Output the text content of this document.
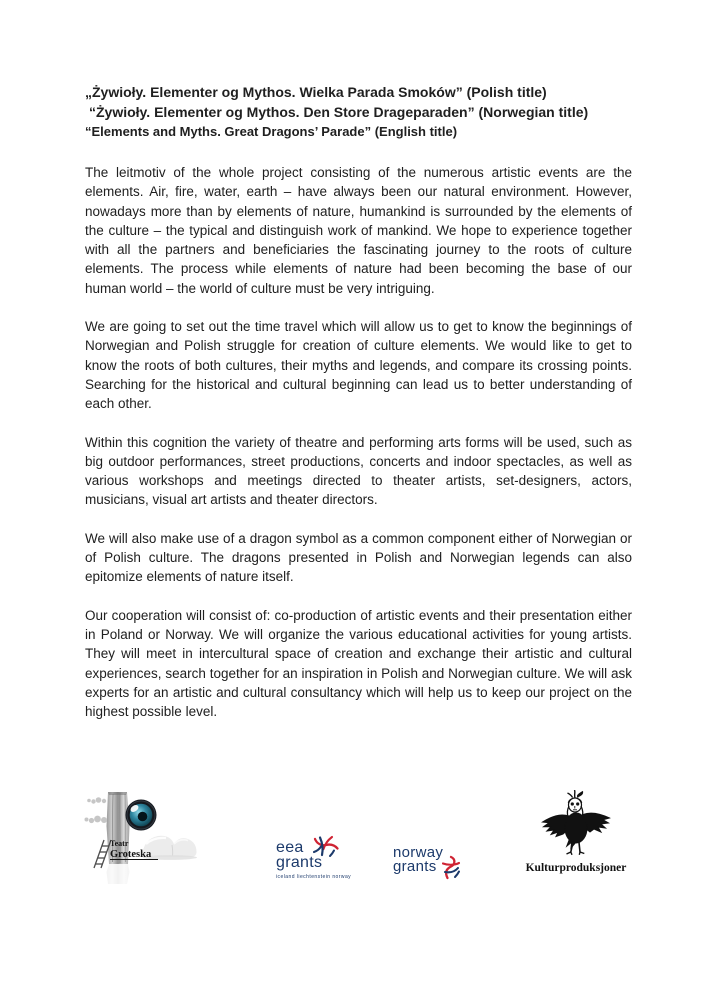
„Żywioły. Elementer og Mythos. Wielka Parada Smoków” (Polish title)
“Żywioły. Elementer og Mythos. Den Store Drageparaden” (Norwegian title)
“Elements and Myths. Great Dragons’ Parade” (English title)

The leitmotiv of the whole project consisting of the numerous artistic events are the elements. Air, fire, water, earth – have always been our natural environment. However, nowadays more than by elements of nature, humankind is surrounded by the elements of the culture – the typical and distinguish work of mankind. We hope to experience together with all the partners and beneficiaries the fascinating journey to the roots of culture elements. The process while elements of nature had been becoming the base of our human world – the world of culture must be very intriguing.

We are going to set out the time travel which will allow us to get to know the beginnings of Norwegian and Polish struggle for creation of culture elements. We would like to get to know the roots of both cultures, their myths and legends, and compare its crossing points. Searching for the historical and cultural beginning can lead us to better understanding of each other.

Within this cognition the variety of theatre and performing arts forms will be used, such as big outdoor performances, street productions, concerts and indoor spectacles, as well as various workshops and meetings directed to theater artists, set-designers, actors, musicians, visual art artists and theater directors.

We will also make use of a dragon symbol as a common component either of Norwegian or of Polish culture. The dragons presented in Polish and Norwegian legends can also epitomize elements of nature itself.

Our cooperation will consist of: co-production of artistic events and their presentation either in Poland or Norway. We will organize the various educational activities for young artists. They will meet in intercultural space of creation and exchange their artistic and cultural experiences, search together for an inspiration in Polish and Norwegian culture. We will ask experts for an artistic and cultural consultancy which will help us to keep our project on the highest possible level.

Teatr
Groteska	eea
grants
iceland liechtenstein norway
norway
grants	Kulturproduksjoner
